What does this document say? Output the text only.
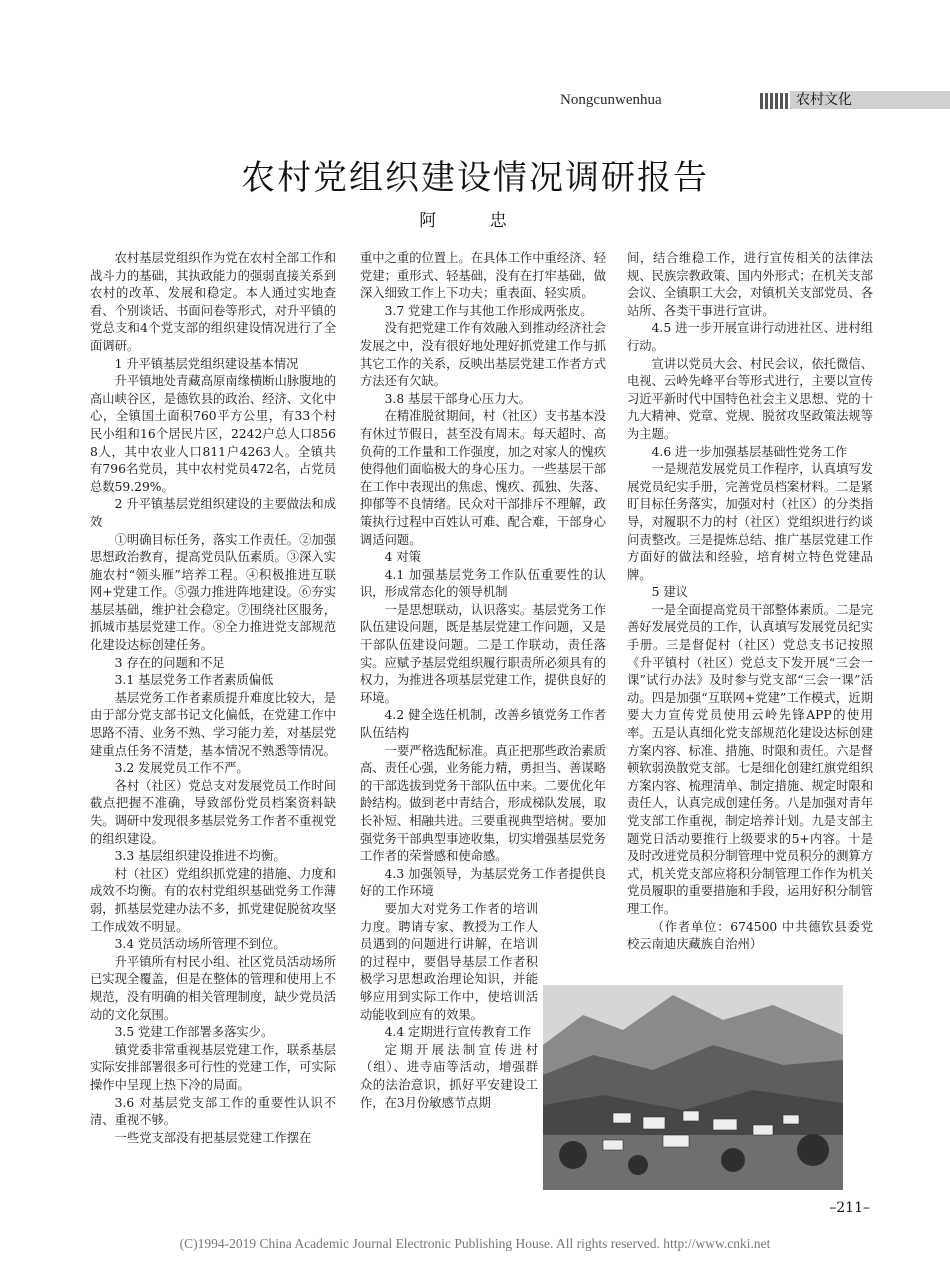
Nongcunwenhua	农村文化
农村党组织建设情况调研报告
阿 忠

农村基层党组织作为党在农村全部工作和战斗力的基础，其执政能力的强弱直接关系到农村的改革、发展和稳定。本人通过实地查看、个别谈话、书面问卷等形式，对升平镇的党总支和4个党支部的组织建设情况进行了全面调研。

1 升平镇基层党组织建设基本情况

升平镇地处青藏高原南缘横断山脉腹地的高山峡谷区，是德钦县的政治、经济、文化中心，全镇国土面积760平方公里，有33个村民小组和16个居民片区，2242户总人口8568人，其中农业人口811户4263人。全镇共有796名党员，其中农村党员472名，占党员总数59.29%。

2 升平镇基层党组织建设的主要做法和成效

①明确目标任务，落实工作责任。②加强思想政治教育，提高党员队伍素质。③深入实施农村“领头雁”培养工程。④积极推进互联网+党建工作。⑤强力推进阵地建设。⑥夯实基层基础，维护社会稳定。⑦围绕社区服务，抓城市基层党建工作。⑧全力推进党支部规范化建设达标创建任务。

3 存在的问题和不足

3.1 基层党务工作者素质偏低

基层党务工作者素质提升难度比较大，是由于部分党支部书记文化偏低，在党建工作中思路不清、业务不熟、学习能力差，对基层党建重点任务不清楚，基本情况不熟悉等情况。

3.2 发展党员工作不严。

各村（社区）党总支对发展党员工作时间截点把握不准确，导致部份党员档案资料缺失。调研中发现很多基层党务工作者不重视党的组织建设。

3.3 基层组织建设推进不均衡。

村（社区）党组织抓党建的措施、力度和成效不均衡。有的农村党组织基础党务工作薄弱，抓基层党建办法不多，抓党建促脱贫攻坚工作成效不明显。

3.4 党员活动场所管理不到位。

升平镇所有村民小组、社区党员活动场所已实现全覆盖，但是在整体的管理和使用上不规范，没有明确的相关管理制度，缺少党员活动的文化氛围。

3.5 党建工作部署多落实少。

镇党委非常重视基层党建工作，联系基层实际安排部署很多可行性的党建工作，可实际操作中呈现上热下冷的局面。

3.6 对基层党支部工作的重要性认识不清、重视不够。

一些党支部没有把基层党建工作摆在

重中之重的位置上。在具体工作中重经济、轻党建；重形式、轻基础，没有在打牢基础，做深入细致工作上下功夫；重表面、轻实质。

3.7 党建工作与其他工作形成两张皮。

没有把党建工作有效融入到推动经济社会发展之中，没有很好地处理好抓党建工作与抓其它工作的关系，反映出基层党建工作者方式方法还有欠缺。

3.8 基层干部身心压力大。

在精准脱贫期间，村（社区）支书基本没有休过节假日，甚至没有周末。每天超时、高负荷的工作量和工作强度，加之对家人的愧疚使得他们面临极大的身心压力。一些基层干部在工作中表现出的焦虑、愧疚、孤独、失落、抑郁等不良情绪。民众对干部排斥不理解，政策执行过程中百姓认可难、配合难，干部身心调适问题。

4 对策

4.1 加强基层党务工作队伍重要性的认识，形成常态化的领导机制

一是思想联动，认识落实。基层党务工作队伍建设问题，既是基层党建工作问题，又是干部队伍建设问题。二是工作联动，责任落实。应赋予基层党组织履行职责所必须具有的权力，为推进各项基层党建工作，提供良好的环境。

4.2 健全选任机制，改善乡镇党务工作者队伍结构

一要严格选配标准。真正把那些政治素质高、责任心强，业务能力精，勇担当、善谋略的干部选拔到党务干部队伍中来。二要优化年龄结构。做到老中青结合，形成梯队发展，取长补短、相融共进。三要重视典型培树。要加强党务干部典型事迹收集，切实增强基层党务工作者的荣誉感和使命感。

4.3 加强领导，为基层党务工作者提供良好的工作环境

要加大对党务工作者的培训力度。聘请专家、教授为工作人员遇到的问题进行讲解，在培训的过程中，要倡导基层工作者积极学习思想政治理论知识，并能够应用到实际工作中，使培训活动能收到应有的效果。

4.4 定期进行宣传教育工作

定期开展法制宣传进村（组）、进寺庙等活动，增强群众的法治意识，抓好平安建设工作，在3月份敏感节点期

间，结合维稳工作，进行宣传相关的法律法规、民族宗教政策、国内外形式；在机关支部会议、全镇职工大会，对镇机关支部党员、各站所、各类干事进行宣讲。

4.5 进一步开展宣讲行动进社区、进村组行动。

宣讲以党员大会、村民会议，依托微信、电视、云岭先峰平台等形式进行，主要以宣传习近平新时代中国特色社会主义思想、党的十九大精神、党章、党规、脱贫攻坚政策法规等为主题。

4.6 进一步加强基层基础性党务工作

一是规范发展党员工作程序，认真填写发展党员纪实手册，完善党员档案材料。二是紧盯目标任务落实，加强对村（社区）的分类指导，对履职不力的村（社区）党组织进行约谈问责整改。三是提炼总结、推广基层党建工作方面好的做法和经验，培育树立特色党建品牌。

5 建议

一是全面提高党员干部整体素质。二是完善好发展党员的工作，认真填写发展党员纪实手册。三是督促村（社区）党总支书记按照《升平镇村（社区）党总支下发开展“三会一课”试行办法》及时参与党支部“三会一课”活动。四是加强“互联网+党建”工作模式，近期要大力宣传党员使用云岭先锋APP的使用率。五是认真细化党支部规范化建设达标创建方案内容、标准、措施、时限和责任。六是督顿软弱涣散党支部。七是细化创建红旗党组织方案内容、梳理清单、制定措施、规定时限和责任人，认真完成创建任务。八是加强对青年党支部工作重视，制定培养计划。九是支部主题党日活动要推行上级要求的5+内容。十是及时改进党员积分制管理中党员积分的测算方式，机关党支部应将积分制管理工作作为机关党员履职的重要措施和手段，运用好积分制管理工作。

（作者单位：674500 中共德钦县委党校云南迪庆藏族自治州）

–211–
(C)1994-2019 China Academic Journal Electronic Publishing House. All rights reserved. http://www.cnki.net
